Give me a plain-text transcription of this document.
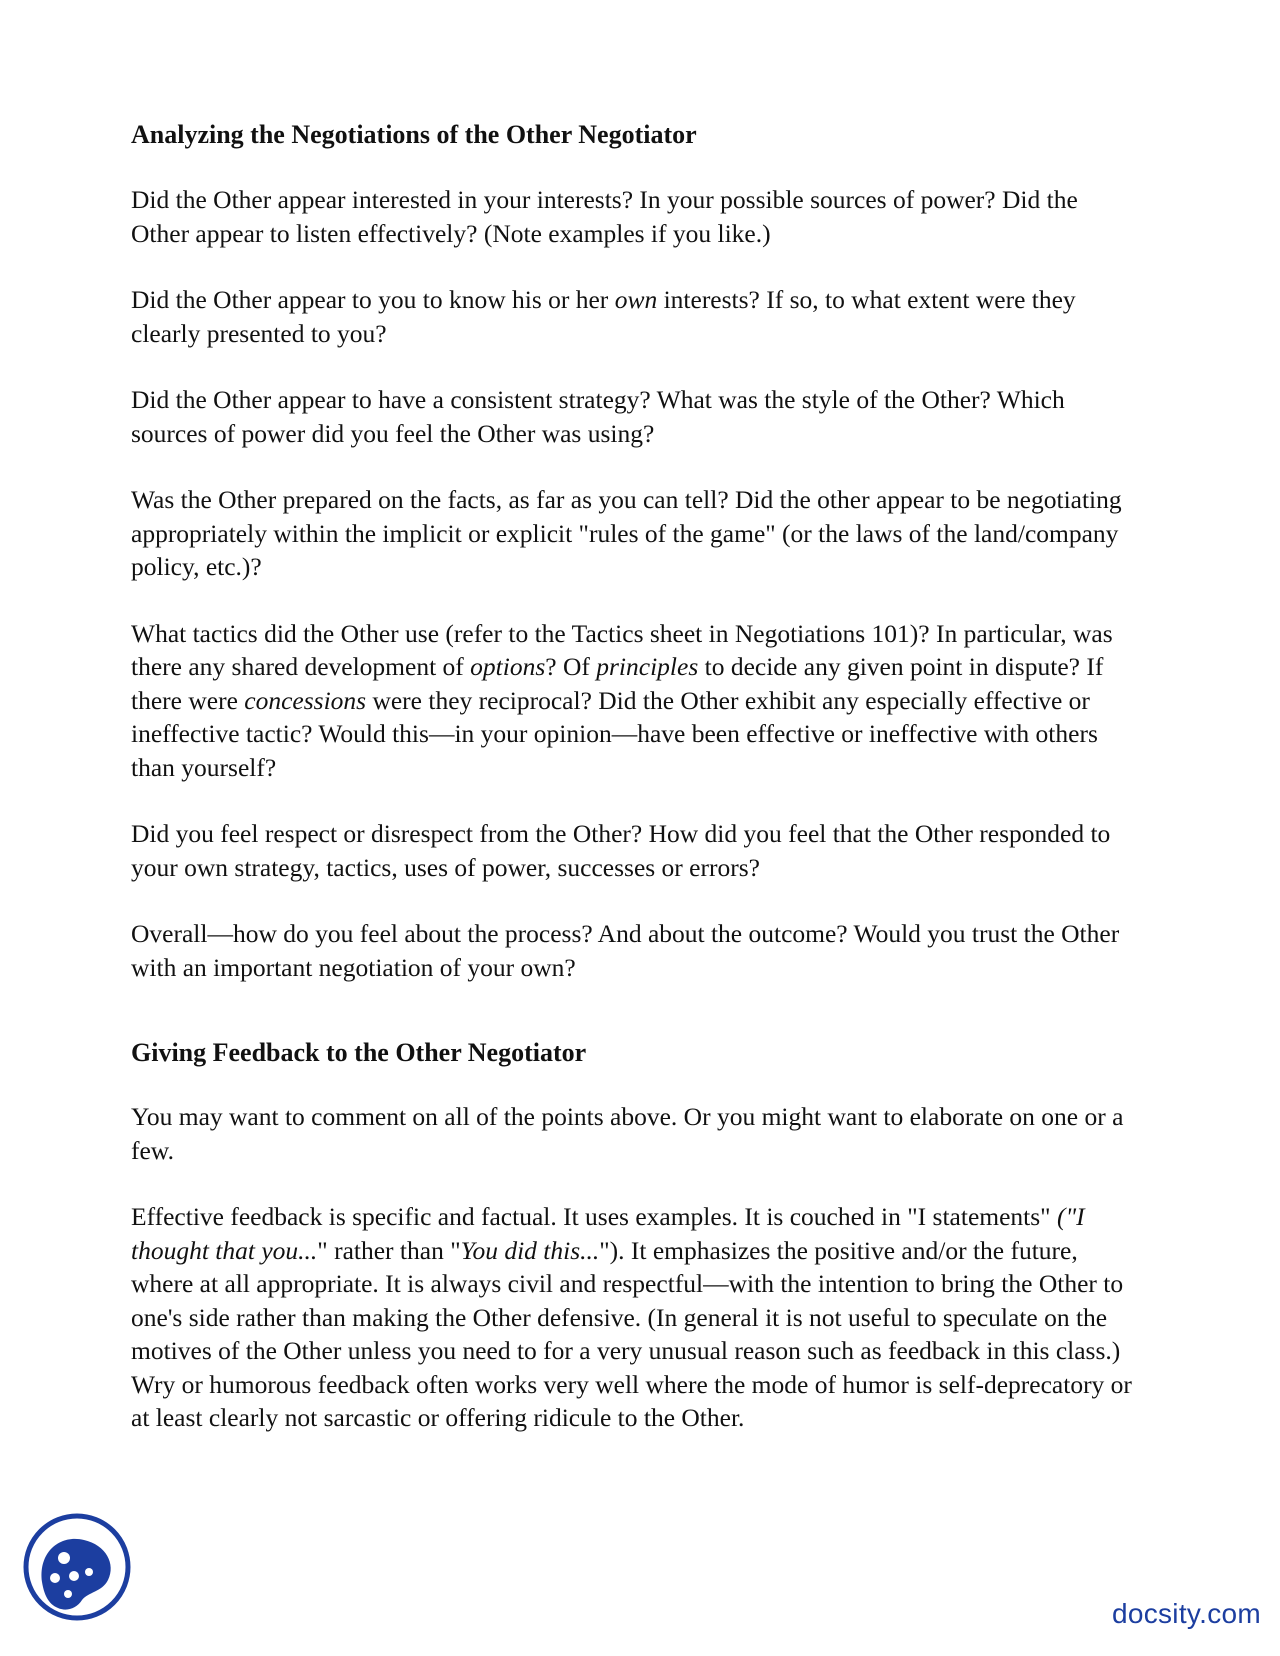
Analyzing the Negotiations of the Other Negotiator

Did the Other appear interested in your interests? In your possible sources of power? Did the Other appear to listen effectively? (Note examples if you like.)

Did the Other appear to you to know his or her own interests? If so, to what extent were they clearly presented to you?

Did the Other appear to have a consistent strategy? What was the style of the Other? Which sources of power did you feel the Other was using?

Was the Other prepared on the facts, as far as you can tell? Did the other appear to be negotiating appropriately within the implicit or explicit "rules of the game" (or the laws of the land/company policy, etc.)?

What tactics did the Other use (refer to the Tactics sheet in Negotiations 101)? In particular, was there any shared development of options? Of principles to decide any given point in dispute? If there were concessions were they reciprocal? Did the Other exhibit any especially effective or ineffective tactic? Would this—in your opinion—have been effective or ineffective with others than yourself?

Did you feel respect or disrespect from the Other? How did you feel that the Other responded to your own strategy, tactics, uses of power, successes or errors?

Overall—how do you feel about the process? And about the outcome? Would you trust the Other with an important negotiation of your own?

Giving Feedback to the Other Negotiator

You may want to comment on all of the points above. Or you might want to elaborate on one or a few.

Effective feedback is specific and factual. It uses examples. It is couched in "I statements" ("I thought that you..." rather than "You did this..."). It emphasizes the positive and/or the future, where at all appropriate. It is always civil and respectful—with the intention to bring the Other to one's side rather than making the Other defensive. (In general it is not useful to speculate on the motives of the Other unless you need to for a very unusual reason such as feedback in this class.) Wry or humorous feedback often works very well where the mode of humor is self-deprecatory or at least clearly not sarcastic or offering ridicule to the Other.

docsity.com
